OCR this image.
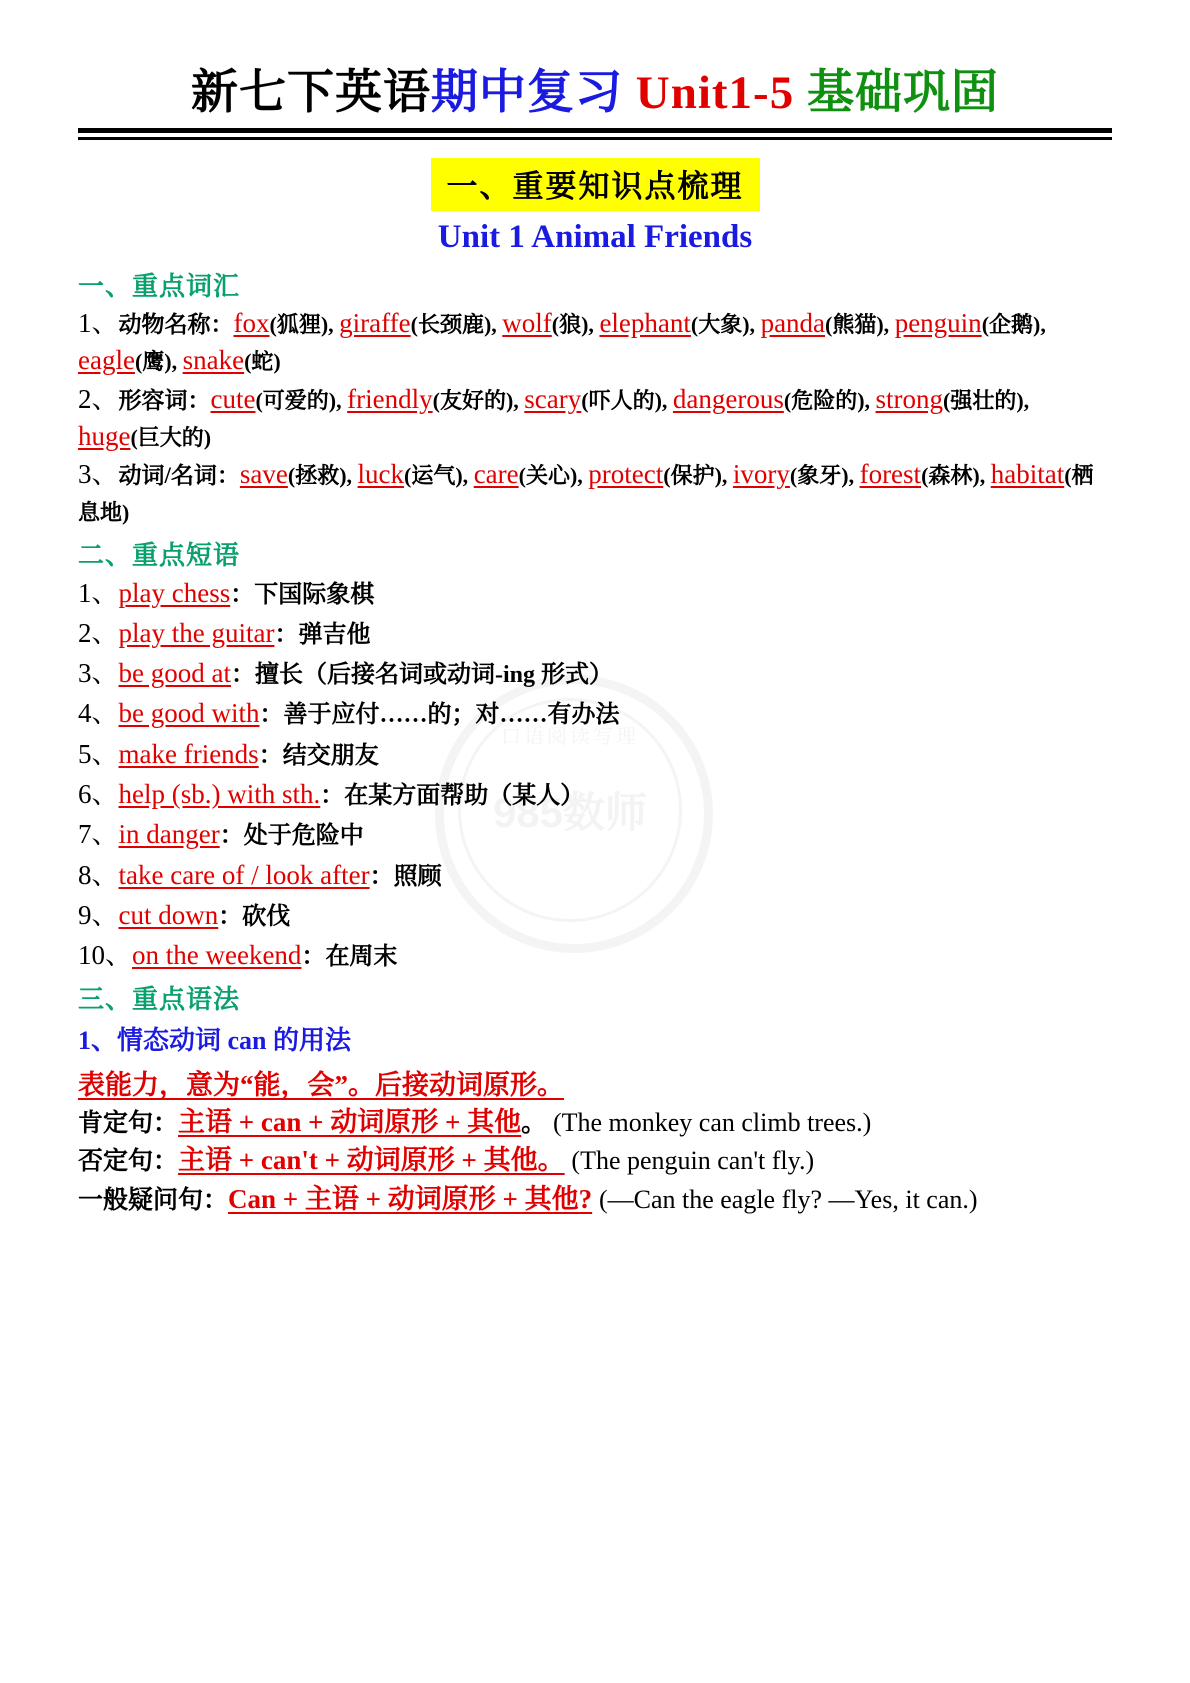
口语阅读写理
985数师
新七下英语期中复习 Unit1-5 基础巩固
一、重要知识点梳理
Unit 1 Animal Friends
一、重点词汇
1、动物名称：fox(狐狸), giraffe(长颈鹿), wolf(狼), elephant(大象), panda(熊猫), penguin(企鹅), eagle(鹰), snake(蛇)
2、形容词：cute(可爱的), friendly(友好的), scary(吓人的), dangerous(危险的), strong(强壮的), huge(巨大的)
3、动词/名词：save(拯救), luck(运气), care(关心), protect(保护), ivory(象牙), forest(森林), habitat(栖息地)
二、重点短语
1、play chess：下国际象棋
2、play the guitar：弹吉他
3、be good at：擅长（后接名词或动词-ing 形式）
4、be good with：善于应付……的；对……有办法
5、make friends：结交朋友
6、help (sb.) with sth.：在某方面帮助（某人）
7、in danger：处于危险中
8、take care of / look after：照顾
9、cut down：砍伐
10、on the weekend：在周末
三、重点语法
1、情态动词 can 的用法
表能力，意为“能，会”。后接动词原形。
肯定句：主语 + can + 动词原形 + 其他。 (The monkey can climb trees.)
否定句：主语 + can't + 动词原形 + 其他。 (The penguin can't fly.)
一般疑问句：Can + 主语 + 动词原形 + 其他? (—Can the eagle fly? —Yes, it can.)
